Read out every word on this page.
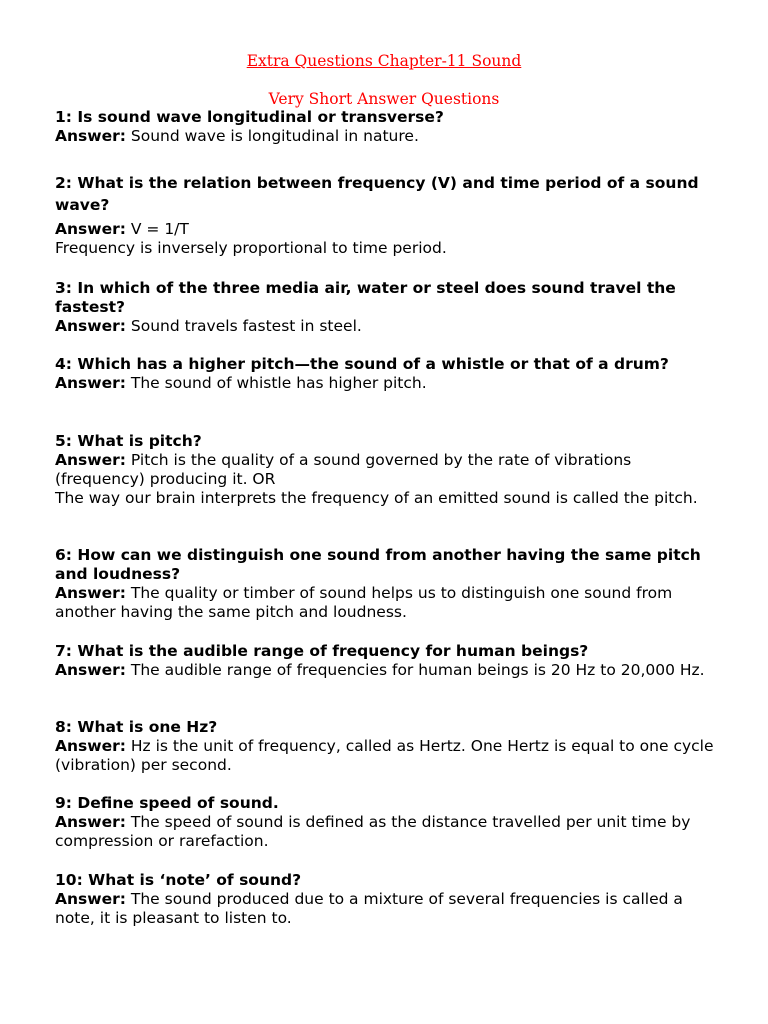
Extra Questions Chapter-11 Sound

Very Short Answer Questions

1: Is sound wave longitudinal or transverse?

Answer: Sound wave is longitudinal in nature.

2: What is the relation between frequency (V) and time period of a sound wave?

Answer: V = 1/T

Frequency is inversely proportional to time period.

3: In which of the three media air, water or steel does sound travel the fastest?

Answer: Sound travels fastest in steel.

4: Which has a higher pitch—the sound of a whistle or that of a drum?

Answer: The sound of whistle has higher pitch.

5: What is pitch?

Answer: Pitch is the quality of a sound governed by the rate of vibrations (frequency) producing it. OR

The way our brain interprets the frequency of an emitted sound is called the pitch.

6: How can we distinguish one sound from another having the same pitch and loudness?

Answer: The quality or timber of sound helps us to distinguish one sound from another having the same pitch and loudness.

7: What is the audible range of frequency for human beings?

Answer: The audible range of frequencies for human beings is 20 Hz to 20,000 Hz.

8: What is one Hz?

Answer: Hz is the unit of frequency, called as Hertz. One Hertz is equal to one cycle (vibration) per second.

9: Define speed of sound.

Answer: The speed of sound is defined as the distance travelled per unit time by compression or rarefaction.

10: What is ‘note’ of sound?

Answer: The sound produced due to a mixture of several frequencies is called a note, it is pleasant to listen to.
